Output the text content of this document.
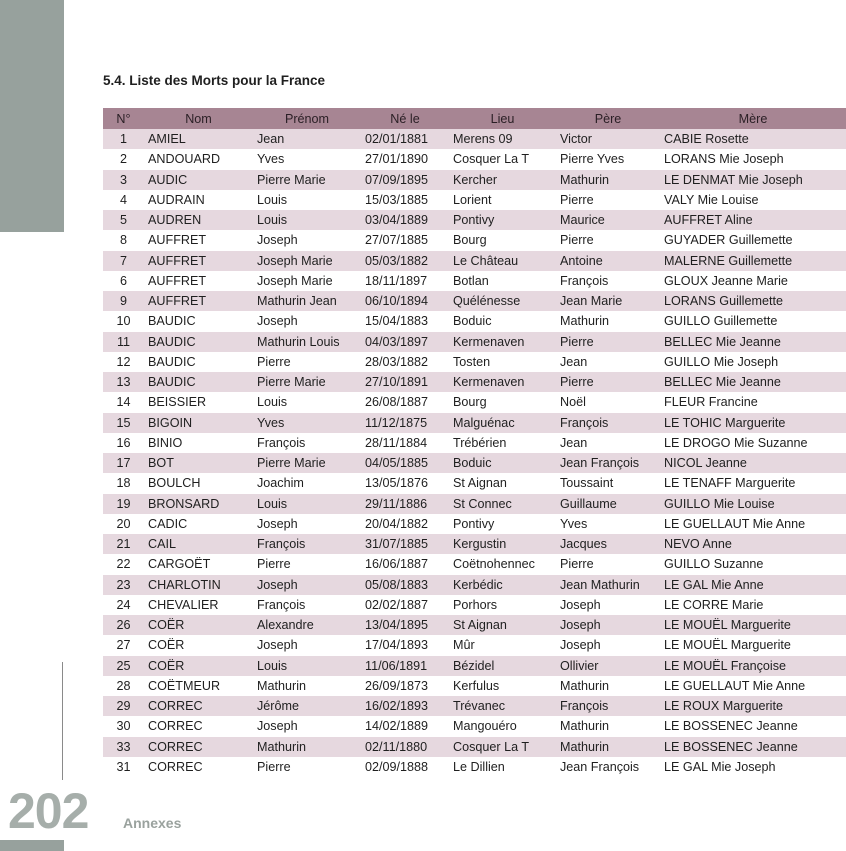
5.4. Liste des Morts pour la France
N°	Nom	Prénom	Né le	Lieu	Père	Mère
1	AMIEL	Jean	02/01/1881	Merens 09	Victor	CABIE Rosette
2	ANDOUARD	Yves	27/01/1890	Cosquer La T	Pierre Yves	LORANS Mie Joseph
3	AUDIC	Pierre Marie	07/09/1895	Kercher	Mathurin	LE DENMAT Mie Joseph
4	AUDRAIN	Louis	15/03/1885	Lorient	Pierre	VALY Mie Louise
5	AUDREN	Louis	03/04/1889	Pontivy	Maurice	AUFFRET Aline
8	AUFFRET	Joseph	27/07/1885	Bourg	Pierre	GUYADER Guillemette
7	AUFFRET	Joseph Marie	05/03/1882	Le Château	Antoine	MALERNE Guillemette
6	AUFFRET	Joseph Marie	18/11/1897	Botlan	François	GLOUX Jeanne Marie
9	AUFFRET	Mathurin Jean	06/10/1894	Quélénesse	Jean Marie	LORANS Guillemette
10	BAUDIC	Joseph	15/04/1883	Boduic	Mathurin	GUILLO Guillemette
11	BAUDIC	Mathurin Louis	04/03/1897	Kermenaven	Pierre	BELLEC Mie Jeanne
12	BAUDIC	Pierre	28/03/1882	Tosten	Jean	GUILLO Mie Joseph
13	BAUDIC	Pierre Marie	27/10/1891	Kermenaven	Pierre	BELLEC Mie Jeanne
14	BEISSIER	Louis	26/08/1887	Bourg	Noël	FLEUR Francine
15	BIGOIN	Yves	11/12/1875	Malguénac	François	LE TOHIC Marguerite
16	BINIO	François	28/11/1884	Trébérien	Jean	LE DROGO Mie Suzanne
17	BOT	Pierre Marie	04/05/1885	Boduic	Jean François	NICOL Jeanne
18	BOULCH	Joachim	13/05/1876	St Aignan	Toussaint	LE TENAFF Marguerite
19	BRONSARD	Louis	29/11/1886	St Connec	Guillaume	GUILLO Mie Louise
20	CADIC	Joseph	20/04/1882	Pontivy	Yves	LE GUELLAUT Mie Anne
21	CAIL	François	31/07/1885	Kergustin	Jacques	NEVO Anne
22	CARGOËT	Pierre	16/06/1887	Coëtnohennec	Pierre	GUILLO Suzanne
23	CHARLOTIN	Joseph	05/08/1883	Kerbédic	Jean Mathurin	LE GAL Mie Anne
24	CHEVALIER	François	02/02/1887	Porhors	Joseph	LE CORRE Marie
26	COËR	Alexandre	13/04/1895	St Aignan	Joseph	LE MOUËL Marguerite
27	COËR	Joseph	17/04/1893	Mûr	Joseph	LE MOUËL Marguerite
25	COËR	Louis	11/06/1891	Bézidel	Ollivier	LE MOUËL Françoise
28	COËTMEUR	Mathurin	26/09/1873	Kerfulus	Mathurin	LE GUELLAUT Mie Anne
29	CORREC	Jérôme	16/02/1893	Trévanec	François	LE ROUX Marguerite
30	CORREC	Joseph	14/02/1889	Mangouéro	Mathurin	LE BOSSENEC Jeanne
33	CORREC	Mathurin	02/11/1880	Cosquer La T	Mathurin	LE BOSSENEC Jeanne
31	CORREC	Pierre	02/09/1888	Le Dillien	Jean François	LE GAL Mie Joseph
202 Annexes
